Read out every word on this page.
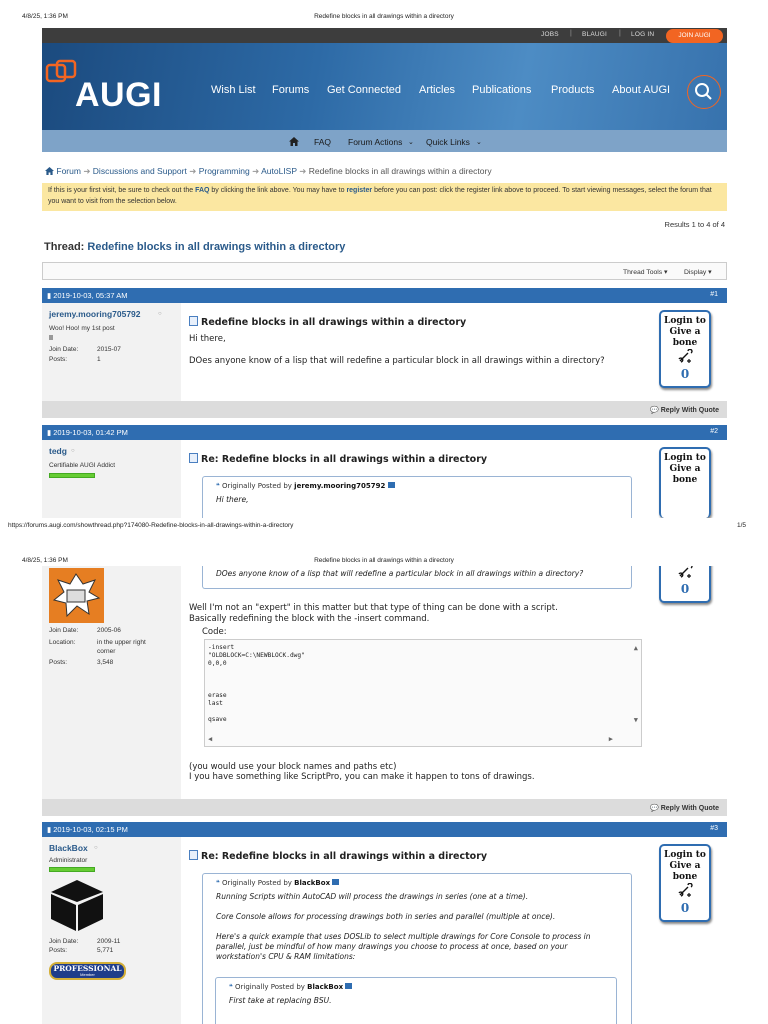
4/8/25, 1:36 PM	Redefine blocks in all drawings within a directory
JOBS | BLAUGI | LOG IN	JOIN AUGI
AUGI	Wish List Forums Get Connected Articles Publications Products About AUGI
FAQ Forum Actions ⌄ Quick Links ⌄
Forum ➜ Discussions and Support ➜ Programming ➜ AutoLISP ➜ Redefine blocks in all drawings within a directory
If this is your first visit, be sure to check out the FAQ by clicking the link above. You may have to register before you can post: click the register link above to proceed. To start viewing messages, select the forum that you want to visit from the selection below.
Results 1 to 4 of 4
Thread: Redefine blocks in all drawings within a directory
Thread Tools ▾ Display ▾
▮ 2019-10-03, 05:37 AM	#1
jeremy.mooring705792	○
Woo! Hoo! my 1st post
Join Date:	2015-07
Posts:	1
Redefine blocks in all drawings within a directory
Hi there,
DOes anyone know of a lisp that will redefine a particular block in all drawings within a directory?
Login to
Give a
bone
0
💬 Reply With Quote
▮ 2019-10-03, 01:42 PM	#2
tedg ○
Certifiable AUGI Addict
Re: Redefine blocks in all drawings within a directory
❝ Originally Posted by jeremy.mooring705792
Hi there,
Login to
Give a
bone
https://forums.augi.com/showthread.php?174080-Redefine-blocks-in-all-drawings-within-a-directory	1/5
4/8/25, 1:36 PM	Redefine blocks in all drawings within a directory
Join Date:	2005-06
Location:	in the upper right
corner
Posts:	3,548
DOes anyone know of a lisp that will redefine a particular block in all drawings within a directory?
Well I'm not an "expert" in this matter but that type of thing can be done with a script.
Basically redefining the block with the -insert command.
Code:
-insert
"OLDBLOCK=C:\NEWBLOCK.dwg"
0,0,0
erase
last
qsave
▲
▼
◀	▶
(you would use your block names and paths etc)
I you have something like ScriptPro, you can make it happen to tons of drawings.
0
💬 Reply With Quote
▮ 2019-10-03, 02:15 PM	#3
BlackBox ○
Administrator
Join Date:	2009-11
Posts:	5,771
PROFESSIONAL
Member
Re: Redefine blocks in all drawings within a directory
❝ Originally Posted by BlackBox
Running Scripts within AutoCAD will process the drawings in series (one at a time).
Core Console allows for processing drawings both in series and parallel (multiple at once).
Here's a quick example that uses DOSLib to select multiple drawings for Core Console to process in
parallel, just be mindful of how many drawings you choose to process at once, based on your
workstation's CPU & RAM limitations:
❝ Originally Posted by BlackBox
First take at replacing BSU.
Login to
Give a
bone
0
